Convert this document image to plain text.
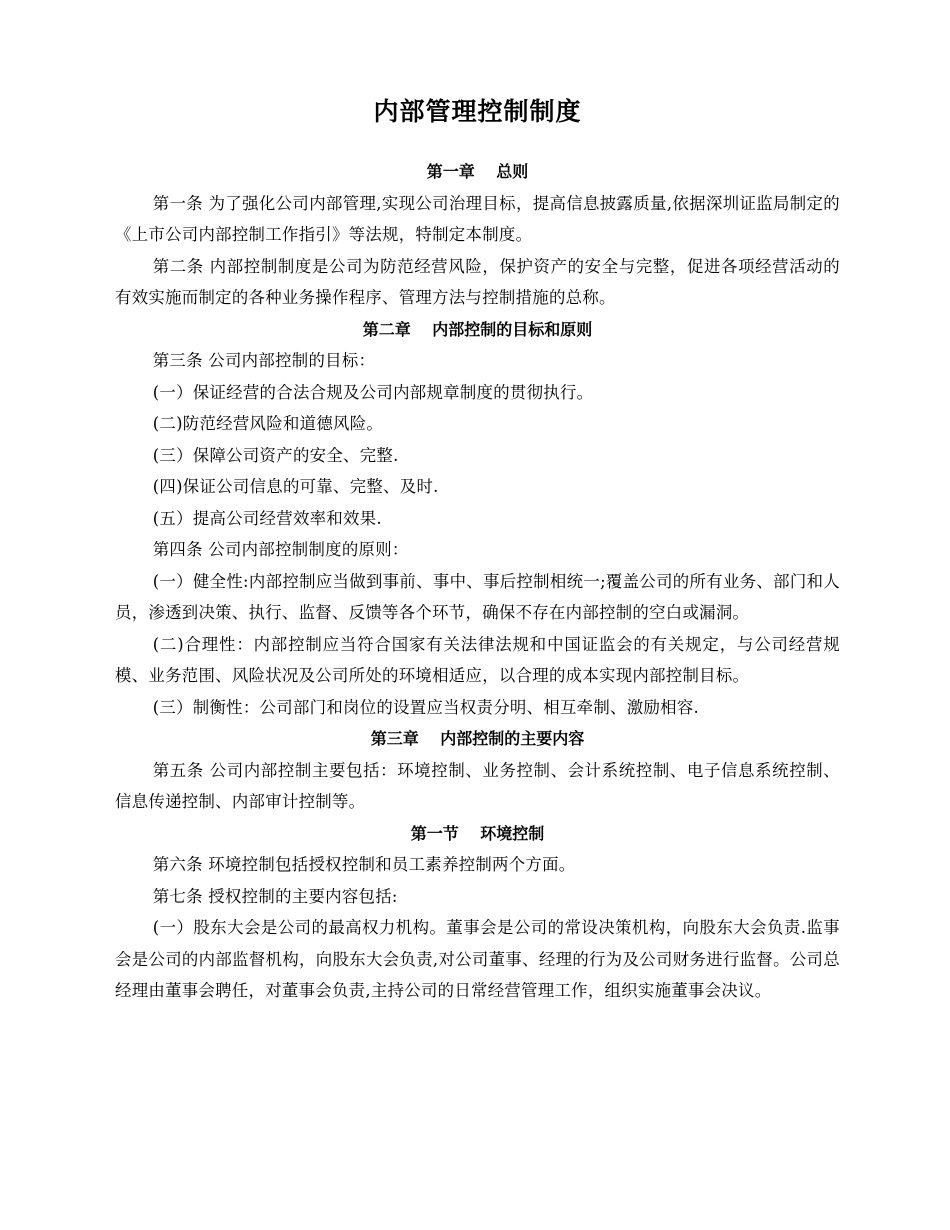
内部管理控制制度
第一章　 总则

第一条 为了强化公司内部管理,实现公司治理目标，提高信息披露质量,依据深圳证监局制定的《上市公司内部控制工作指引》等法规，特制定本制度。

第二条 内部控制制度是公司为防范经营风险，保护资产的安全与完整，促进各项经营活动的有效实施而制定的各种业务操作程序、管理方法与控制措施的总称。

第二章　 内部控制的目标和原则

第三条 公司内部控制的目标：

(一）保证经营的合法合规及公司内部规章制度的贯彻执行。

(二)防范经营风险和道德风险。

(三）保障公司资产的安全、完整.

(四)保证公司信息的可靠、完整、及时.

(五）提高公司经营效率和效果.

第四条 公司内部控制制度的原则：

(一）健全性:内部控制应当做到事前、事中、事后控制相统一;覆盖公司的所有业务、部门和人员，渗透到决策、执行、监督、反馈等各个环节，确保不存在内部控制的空白或漏洞。

(二)合理性：内部控制应当符合国家有关法律法规和中国证监会的有关规定，与公司经营规模、业务范围、风险状况及公司所处的环境相适应，以合理的成本实现内部控制目标。

(三）制衡性：公司部门和岗位的设置应当权责分明、相互牵制、激励相容.

第三章　 内部控制的主要内容

第五条 公司内部控制主要包括：环境控制、业务控制、会计系统控制、电子信息系统控制、信息传递控制、内部审计控制等。

第一节　 环境控制

第六条 环境控制包括授权控制和员工素养控制两个方面。

第七条 授权控制的主要内容包括:

(一）股东大会是公司的最高权力机构。董事会是公司的常设决策机构，向股东大会负责.监事会是公司的内部监督机构，向股东大会负责,对公司董事、经理的行为及公司财务进行监督。公司总经理由董事会聘任，对董事会负责,主持公司的日常经营管理工作，组织实施董事会决议。
